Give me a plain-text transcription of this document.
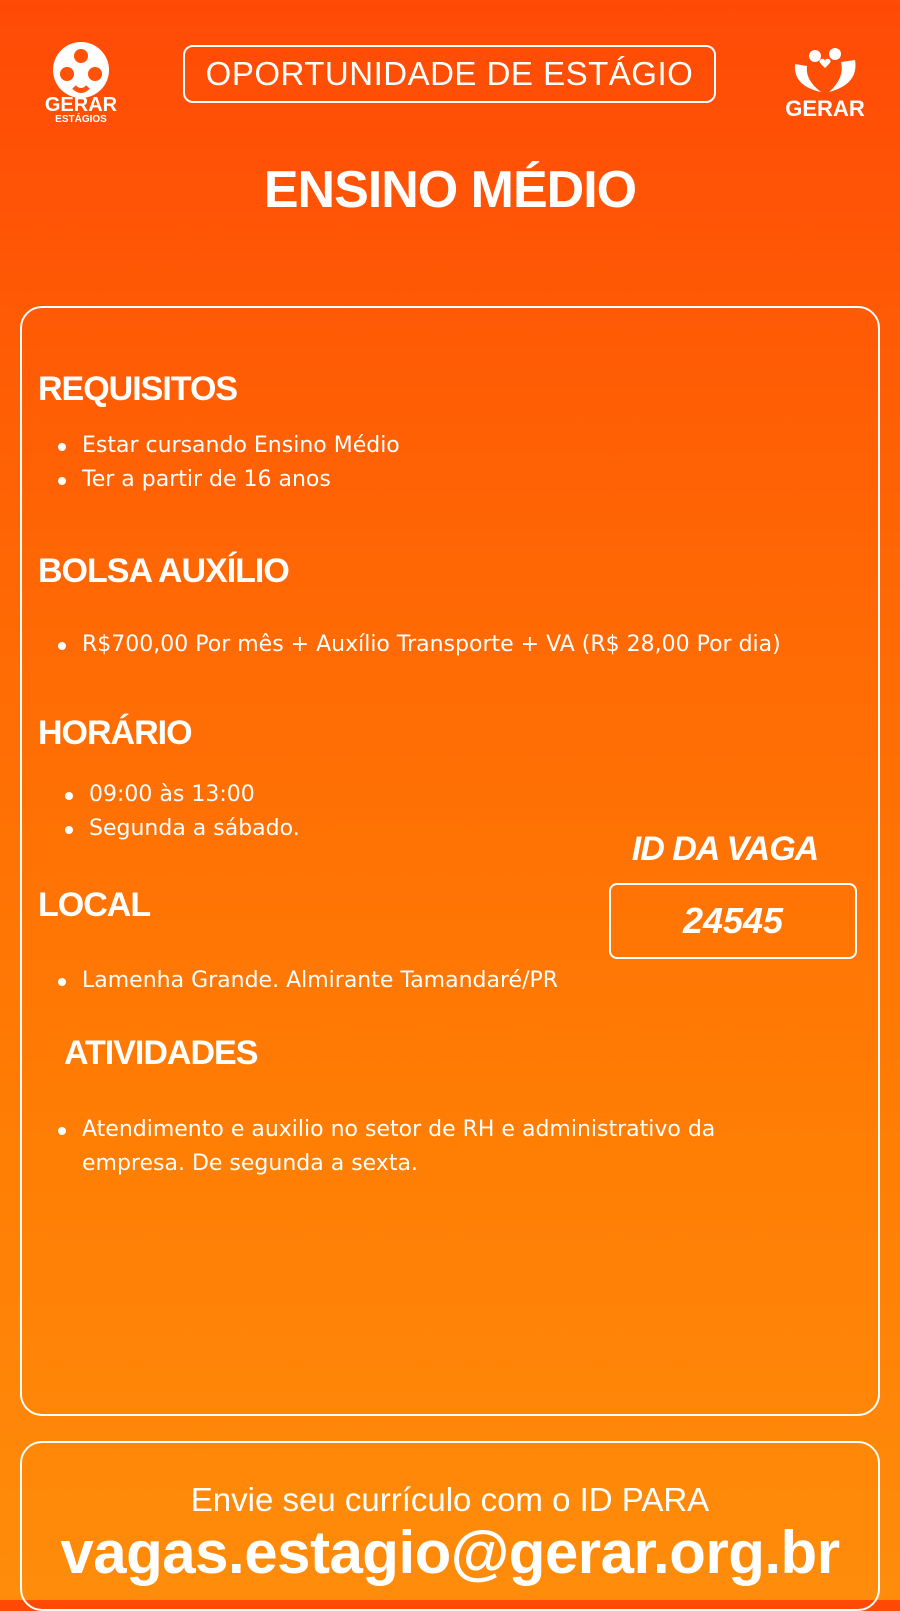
GERAR
ESTÁGIOS
OPORTUNIDADE DE ESTÁGIO
GERAR
ENSINO MÉDIO
REQUISITOS
Estar cursando Ensino Médio
Ter a partir de 16 anos
BOLSA AUXÍLIO
R$700,00 Por mês + Auxílio Transporte + VA (R$ 28,00 Por dia)
HORÁRIO
09:00 às 13:00
Segunda a sábado.
ID DA VAGA
24545
LOCAL
Lamenha Grande. Almirante Tamandaré/PR
ATIVIDADES
Atendimento e auxilio no setor de RH e administrativo da empresa. De segunda a sexta.
Envie seu currículo com o ID PARA
vagas.estagio@gerar.org.br
